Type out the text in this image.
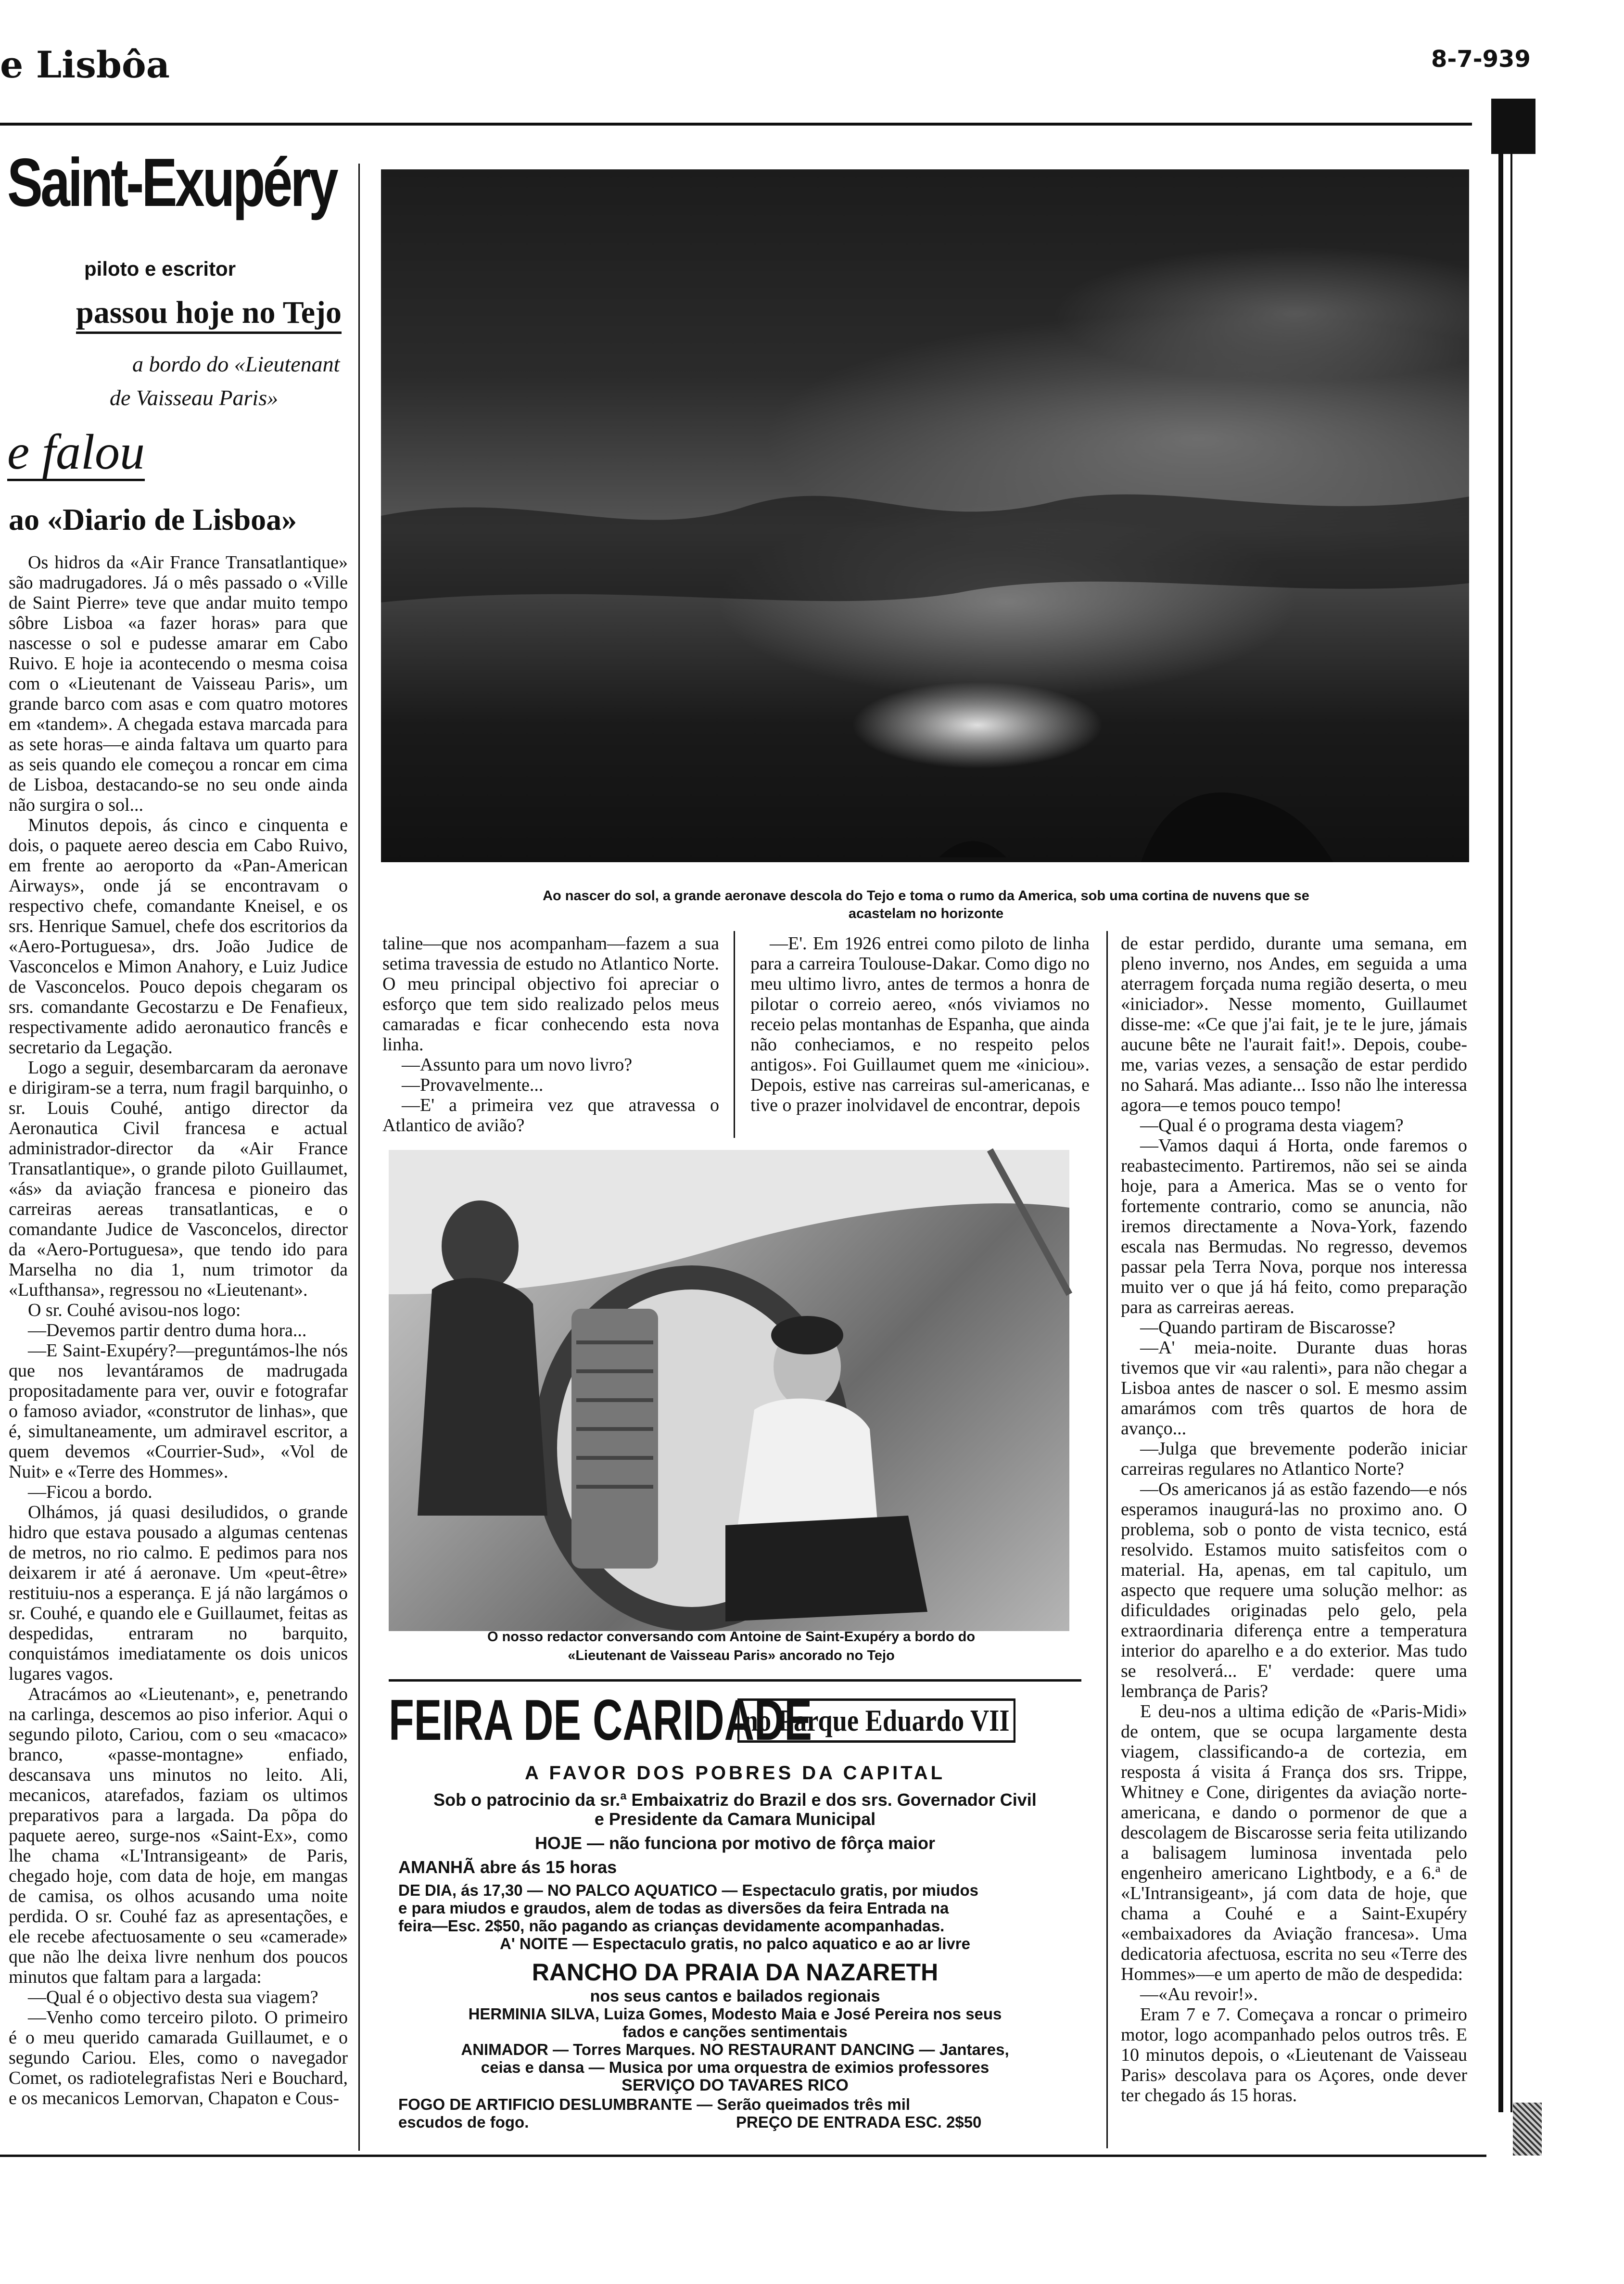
e Lisbôa	8-7-939
Saint-Exupéry
piloto e escritor
passou hoje no Tejo
a bordo do «Lieutenant
de Vaisseau Paris»
e falou
ao «Diario de Lisboa»

Os hidros da «Air France Transatlantique» são madrugadores. Já o mês passado o «Ville de Saint Pierre» teve que andar muito tempo sôbre Lisboa «a fazer horas» para que nascesse o sol e pudesse amarar em Cabo Ruivo. E hoje ia acontecendo o mesma coisa com o «Lieutenant de Vaisseau Paris», um grande barco com asas e com quatro motores em «tandem». A chegada estava marcada para as sete horas—e ainda faltava um quarto para as seis quando ele começou a roncar em cima de Lisboa, destacando-se no seu onde ainda não surgira o sol...

Minutos depois, ás cinco e cinquenta e dois, o paquete aereo descia em Cabo Ruivo, em frente ao aeroporto da «Pan-American Airways», onde já se encontravam o respectivo chefe, comandante Kneisel, e os srs. Henrique Samuel, chefe dos escritorios da «Aero-Portuguesa», drs. João Judice de Vasconcelos e Mimon Anahory, e Luiz Judice de Vasconcelos. Pouco depois chegaram os srs. comandante Gecostarzu e De Fenafieux, respectivamente adido aeronautico francês e secretario da Legação.

Logo a seguir, desembarcaram da aeronave e dirigiram-se a terra, num fragil barquinho, o sr. Louis Couhé, antigo director da Aeronautica Civil francesa e actual administrador-director da «Air France Transatlantique», o grande piloto Guillaumet, «ás» da aviação francesa e pioneiro das carreiras aereas transatlanticas, e o comandante Judice de Vasconcelos, director da «Aero-Portuguesa», que tendo ido para Marselha no dia 1, num trimotor da «Lufthansa», regressou no «Lieutenant».

O sr. Couhé avisou-nos logo:

—Devemos partir dentro duma hora...

—E Saint-Exupéry?—preguntámos-lhe nós que nos levantáramos de madrugada propositadamente para ver, ouvir e fotografar o famoso aviador, «construtor de linhas», que é, simultaneamente, um admiravel escritor, a quem devemos «Courrier-Sud», «Vol de Nuit» e «Terre des Hommes».

—Ficou a bordo.

Olhámos, já quasi desiludidos, o grande hidro que estava pousado a algumas centenas de metros, no rio calmo. E pedimos para nos deixarem ir até á aeronave. Um «peut-être» restituiu-nos a esperança. E já não largámos o sr. Couhé, e quando ele e Guillaumet, feitas as despedidas, entraram no barquito, conquistámos imediatamente os dois unicos lugares vagos.

Atracámos ao «Lieutenant», e, penetrando na carlinga, descemos ao piso inferior. Aqui o segundo piloto, Cariou, com o seu «macaco» branco, «passe-montagne» enfiado, descansava uns minutos no leito. Ali, mecanicos, atarefados, faziam os ultimos preparativos para a largada. Da põpa do paquete aereo, surge-nos «Saint-Ex», como lhe chama «L'Intransigeant» de Paris, chegado hoje, com data de hoje, em mangas de camisa, os olhos acusando uma noite perdida. O sr. Couhé faz as apresentações, e ele recebe afectuosamente o seu «camerade» que não lhe deixa livre nenhum dos poucos minutos que faltam para a largada:

—Qual é o objectivo desta sua viagem?

—Venho como terceiro piloto. O primeiro é o meu querido camarada Guillaumet, e o segundo Cariou. Eles, como o navegador Comet, os radiotelegrafistas Neri e Bouchard, e os mecanicos Lemorvan, Chapaton e Cous-

Ao nascer do sol, a grande aeronave descola do Tejo e toma o rumo da America, sob uma cortina de nuvens que se
acastelam no horizonte

taline—que nos acompanham—fazem a sua setima travessia de estudo no Atlantico Norte. O meu principal objectivo foi apreciar o esforço que tem sido realizado pelos meus camaradas e ficar conhecendo esta nova linha.

—Assunto para um novo livro?

—Provavelmente...

—E' a primeira vez que atravessa o Atlantico de avião?

—E'. Em 1926 entrei como piloto de linha para a carreira Toulouse-Dakar. Como digo no meu ultimo livro, antes de termos a honra de pilotar o correio aereo, «nós viviamos no receio pelas montanhas de Espanha, que ainda não conheciamos, e no respeito pelos antigos». Foi Guillaumet quem me «iniciou». Depois, estive nas carreiras sul-americanas, e tive o prazer inolvidavel de encontrar, depois

O nosso redactor conversando com Antoine de Saint-Exupéry a bordo do
«Lieutenant de Vaisseau Paris» ancorado no Tejo

de estar perdido, durante uma semana, em pleno inverno, nos Andes, em seguida a uma aterragem forçada numa região deserta, o meu «iniciador». Nesse momento, Guillaumet disse-me: «Ce que j'ai fait, je te le jure, jámais aucune bête ne l'aurait fait!». Depois, coube-me, varias vezes, a sensação de estar perdido no Sahará. Mas adiante... Isso não lhe interessa agora—e temos pouco tempo!

—Qual é o programa desta viagem?

—Vamos daqui á Horta, onde faremos o reabastecimento. Partiremos, não sei se ainda hoje, para a America. Mas se o vento for fortemente contrario, como se anuncia, não iremos directamente a Nova-York, fazendo escala nas Bermudas. No regresso, devemos passar pela Terra Nova, porque nos interessa muito ver o que já há feito, como preparação para as carreiras aereas.

—Quando partiram de Biscarosse?

—A' meia-noite. Durante duas horas tivemos que vir «au ralenti», para não chegar a Lisboa antes de nascer o sol. E mesmo assim amarámos com três quartos de hora de avanço...

—Julga que brevemente poderão iniciar carreiras regulares no Atlantico Norte?

—Os americanos já as estão fazendo—e nós esperamos inaugurá-las no proximo ano. O problema, sob o ponto de vista tecnico, está resolvido. Estamos muito satisfeitos com o material. Ha, apenas, em tal capitulo, um aspecto que requere uma solução melhor: as dificuldades originadas pelo gelo, pela extraordinaria diferença entre a temperatura interior do aparelho e a do exterior. Mas tudo se resolverá... E' verdade: quere uma lembrança de Paris?

E deu-nos a ultima edição de «Paris-Midi» de ontem, que se ocupa largamente desta viagem, classificando-a de cortezia, em resposta á visita á França dos srs. Trippe, Whitney e Cone, dirigentes da aviação norte-americana, e dando o pormenor de que a descolagem de Biscarosse seria feita utilizando a balisagem luminosa inventada pelo engenheiro americano Lightbody, e a 6.ª de «L'Intransigeant», já com data de hoje, que chama a Couhé e a Saint-Exupéry «embaixadores da Aviação francesa». Uma dedicatoria afectuosa, escrita no seu «Terre des Hommes»—e um aperto de mão de despedida:

—«Au revoir!».

Eram 7 e 7. Começava a roncar o primeiro motor, logo acompanhado pelos outros três. E 10 minutos depois, o «Lieutenant de Vaisseau Paris» descolava para os Açores, onde dever ter chegado ás 15 horas.

FEIRA DE CARIDADE
no Parque Eduardo VII
A FAVOR DOS POBRES DA CAPITAL
Sob o patrocinio da sr.ª Embaixatriz do Brazil e dos srs. Governador Civil
e Presidente da Camara Municipal
HOJE — não funciona por motivo de fôrça maior
AMANHÃ abre ás 15 horas
DE DIA, ás 17,30 — NO PALCO AQUATICO — Espectaculo gratis, por miudos
e para miudos e graudos, alem de todas as diversões da feira Entrada na
feira—Esc. 2$50, não pagando as crianças devidamente acompanhadas.
A' NOITE — Espectaculo gratis, no palco aquatico e ao ar livre
RANCHO DA PRAIA DA NAZARETH
nos seus cantos e bailados regionais
HERMINIA SILVA, Luiza Gomes, Modesto Maia e José Pereira nos seus
fados e canções sentimentais
ANIMADOR — Torres Marques. NO RESTAURANT DANCING — Jantares,
ceias e dansa — Musica por uma orquestra de eximios professores
SERVIÇO DO TAVARES RICO
FOGO DE ARTIFICIO DESLUMBRANTE — Serão queimados três mil
escudos de fogo.	PREÇO DE ENTRADA ESC. 2$50
